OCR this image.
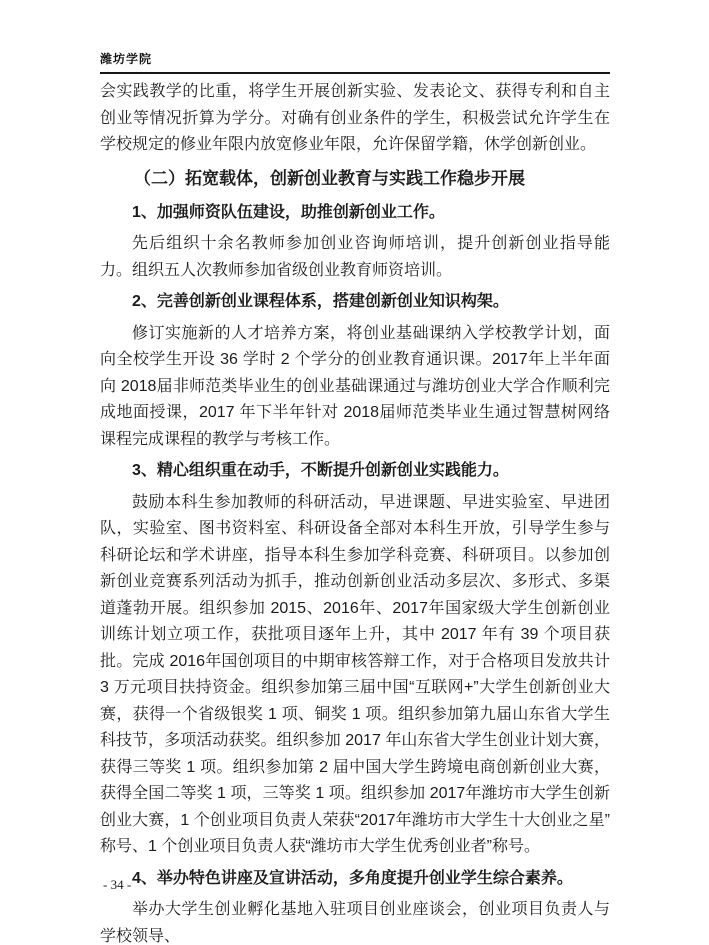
潍坊学院

会实践教学的比重，将学生开展创新实验、发表论文、获得专利和自主创业等情况折算为学分。对确有创业条件的学生，积极尝试允许学生在学校规定的修业年限内放宽修业年限，允许保留学籍，休学创新创业。

（二）拓宽载体，创新创业教育与实践工作稳步开展

1、加强师资队伍建设，助推创新创业工作。

先后组织十余名教师参加创业咨询师培训，提升创新创业指导能力。组织五人次教师参加省级创业教育师资培训。

2、完善创新创业课程体系，搭建创新创业知识构架。

修订实施新的人才培养方案，将创业基础课纳入学校教学计划，面向全校学生开设 36 学时 2 个学分的创业教育通识课。2017年上半年面向 2018届非师范类毕业生的创业基础课通过与潍坊创业大学合作顺利完成地面授课，2017 年下半年针对 2018届师范类毕业生通过智慧树网络课程完成课程的教学与考核工作。

3、精心组织重在动手，不断提升创新创业实践能力。

鼓励本科生参加教师的科研活动，早进课题、早进实验室、早进团队，实验室、图书资料室、科研设备全部对本科生开放，引导学生参与科研论坛和学术讲座，指导本科生参加学科竞赛、科研项目。以参加创新创业竞赛系列活动为抓手，推动创新创业活动多层次、多形式、多渠道蓬勃开展。组织参加 2015、2016年、2017年国家级大学生创新创业训练计划立项工作，获批项目逐年上升，其中 2017 年有 39 个项目获批。完成 2016年国创项目的中期审核答辩工作，对于合格项目发放共计 3 万元项目扶持资金。组织参加第三届中国“互联网+”大学生创新创业大赛，获得一个省级银奖 1 项、铜奖 1 项。组织参加第九届山东省大学生科技节，多项活动获奖。组织参加 2017 年山东省大学生创业计划大赛，获得三等奖 1 项。组织参加第 2 届中国大学生跨境电商创新创业大赛，获得全国二等奖 1 项，三等奖 1 项。组织参加 2017年潍坊市大学生创新创业大赛，1 个创业项目负责人荣获“2017年潍坊市大学生十大创业之星”称号、1 个创业项目负责人获“潍坊市大学生优秀创业者”称号。

4、举办特色讲座及宣讲活动，多角度提升创业学生综合素养。

举办大学生创业孵化基地入驻项目创业座谈会，创业项目负责人与学校领导、

- 34 -
